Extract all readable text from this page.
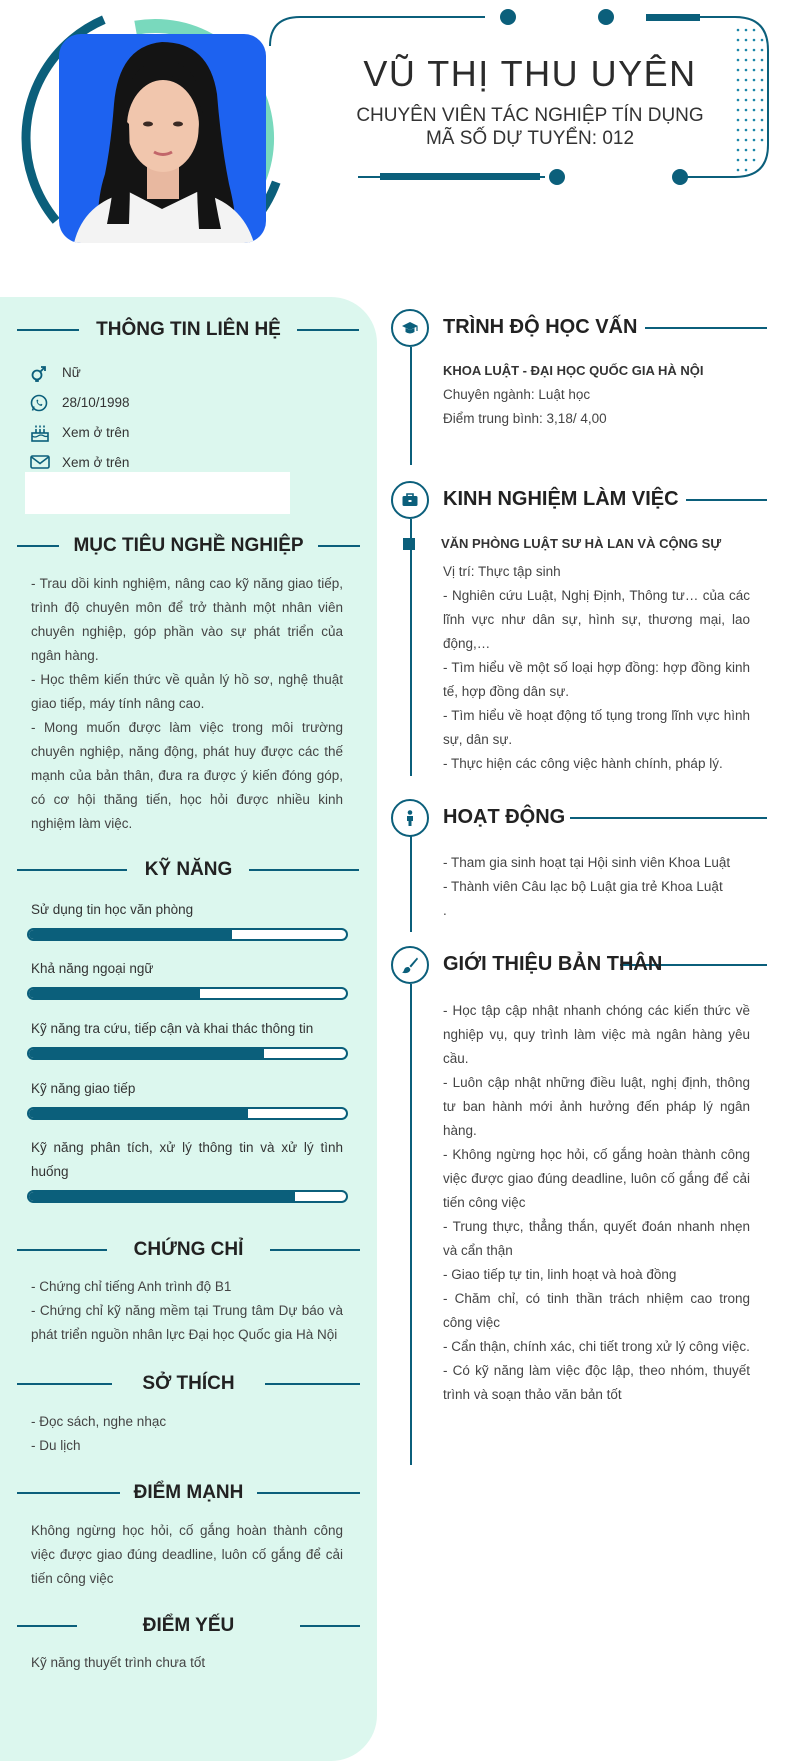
VŨ THỊ THU UYÊN
CHUYÊN VIÊN TÁC NGHIỆP TÍN DỤNG
MÃ SỐ DỰ TUYỂN: 012
THÔNG TIN LIÊN HỆ
Nữ
28/10/1998
Xem ở trên
Xem ở trên
MỤC TIÊU NGHỀ NGHIỆP
- Trau dồi kinh nghiệm, nâng cao kỹ năng giao tiếp, trình độ chuyên môn để trở thành một nhân viên chuyên nghiệp, góp phần vào sự phát triển của ngân hàng.
- Học thêm kiến thức về quản lý hồ sơ, nghệ thuật giao tiếp, máy tính nâng cao.
- Mong muốn được làm việc trong môi trường chuyên nghiệp, năng động, phát huy được các thế mạnh của bản thân, đưa ra được ý kiến đóng góp, có cơ hội thăng tiến, học hỏi được nhiều kinh nghiệm làm việc.
KỸ NĂNG
Sử dụng tin học văn phòng
Khả năng ngoại ngữ
Kỹ năng tra cứu, tiếp cận và khai thác thông tin
Kỹ năng giao tiếp
Kỹ năng phân tích, xử lý thông tin và xử lý tình huống
CHỨNG CHỈ
- Chứng chỉ tiếng Anh trình độ B1
- Chứng chỉ kỹ năng mềm tại Trung tâm Dự báo và phát triển nguồn nhân lực Đại học Quốc gia Hà Nội
SỞ THÍCH
- Đọc sách, nghe nhạc
- Du lịch
ĐIỂM MẠNH
Không ngừng học hỏi, cố gắng hoàn thành công việc được giao đúng deadline, luôn cố gắng để cải tiến công việc
ĐIỂM YẾU
Kỹ năng thuyết trình chưa tốt
TRÌNH ĐỘ HỌC VẤN
KHOA LUẬT - ĐẠI HỌC QUỐC GIA HÀ NỘI
Chuyên ngành: Luật học
Điểm trung bình: 3,18/ 4,00
KINH NGHIỆM LÀM VIỆC
VĂN PHÒNG LUẬT SƯ HÀ LAN VÀ CỘNG SỰ
Vị trí: Thực tập sinh
- Nghiên cứu Luật, Nghị Định, Thông tư… của các lĩnh vực như dân sự, hình sự, thương mại, lao động,…
- Tìm hiểu về một số loại hợp đồng: hợp đồng kinh tế, hợp đồng dân sự.
- Tìm hiểu về hoạt động tố tụng trong lĩnh vực hình sự, dân sự.
- Thực hiện các công việc hành chính, pháp lý.
HOẠT ĐỘNG
- Tham gia sinh hoạt tại Hội sinh viên Khoa Luật
- Thành viên Câu lạc bộ Luật gia trẻ Khoa Luật
.
GIỚI THIỆU BẢN THÂN
- Học tập cập nhật nhanh chóng các kiến thức về nghiệp vụ, quy trình làm việc mà ngân hàng yêu cầu.
- Luôn cập nhật những điều luật, nghị định, thông tư ban hành mới ảnh hưởng đến pháp lý ngân hàng.
- Không ngừng học hỏi, cố gắng hoàn thành công việc được giao đúng deadline, luôn cố gắng để cải tiến công việc
- Trung thực, thẳng thắn, quyết đoán nhanh nhẹn và cẩn thận
- Giao tiếp tự tin, linh hoạt và hoà đồng
- Chăm chỉ, có tinh thần trách nhiệm cao trong công việc
- Cẩn thận, chính xác, chi tiết trong xử lý công việc.
- Có kỹ năng làm việc độc lập, theo nhóm, thuyết trình và soạn thảo văn bản tốt
